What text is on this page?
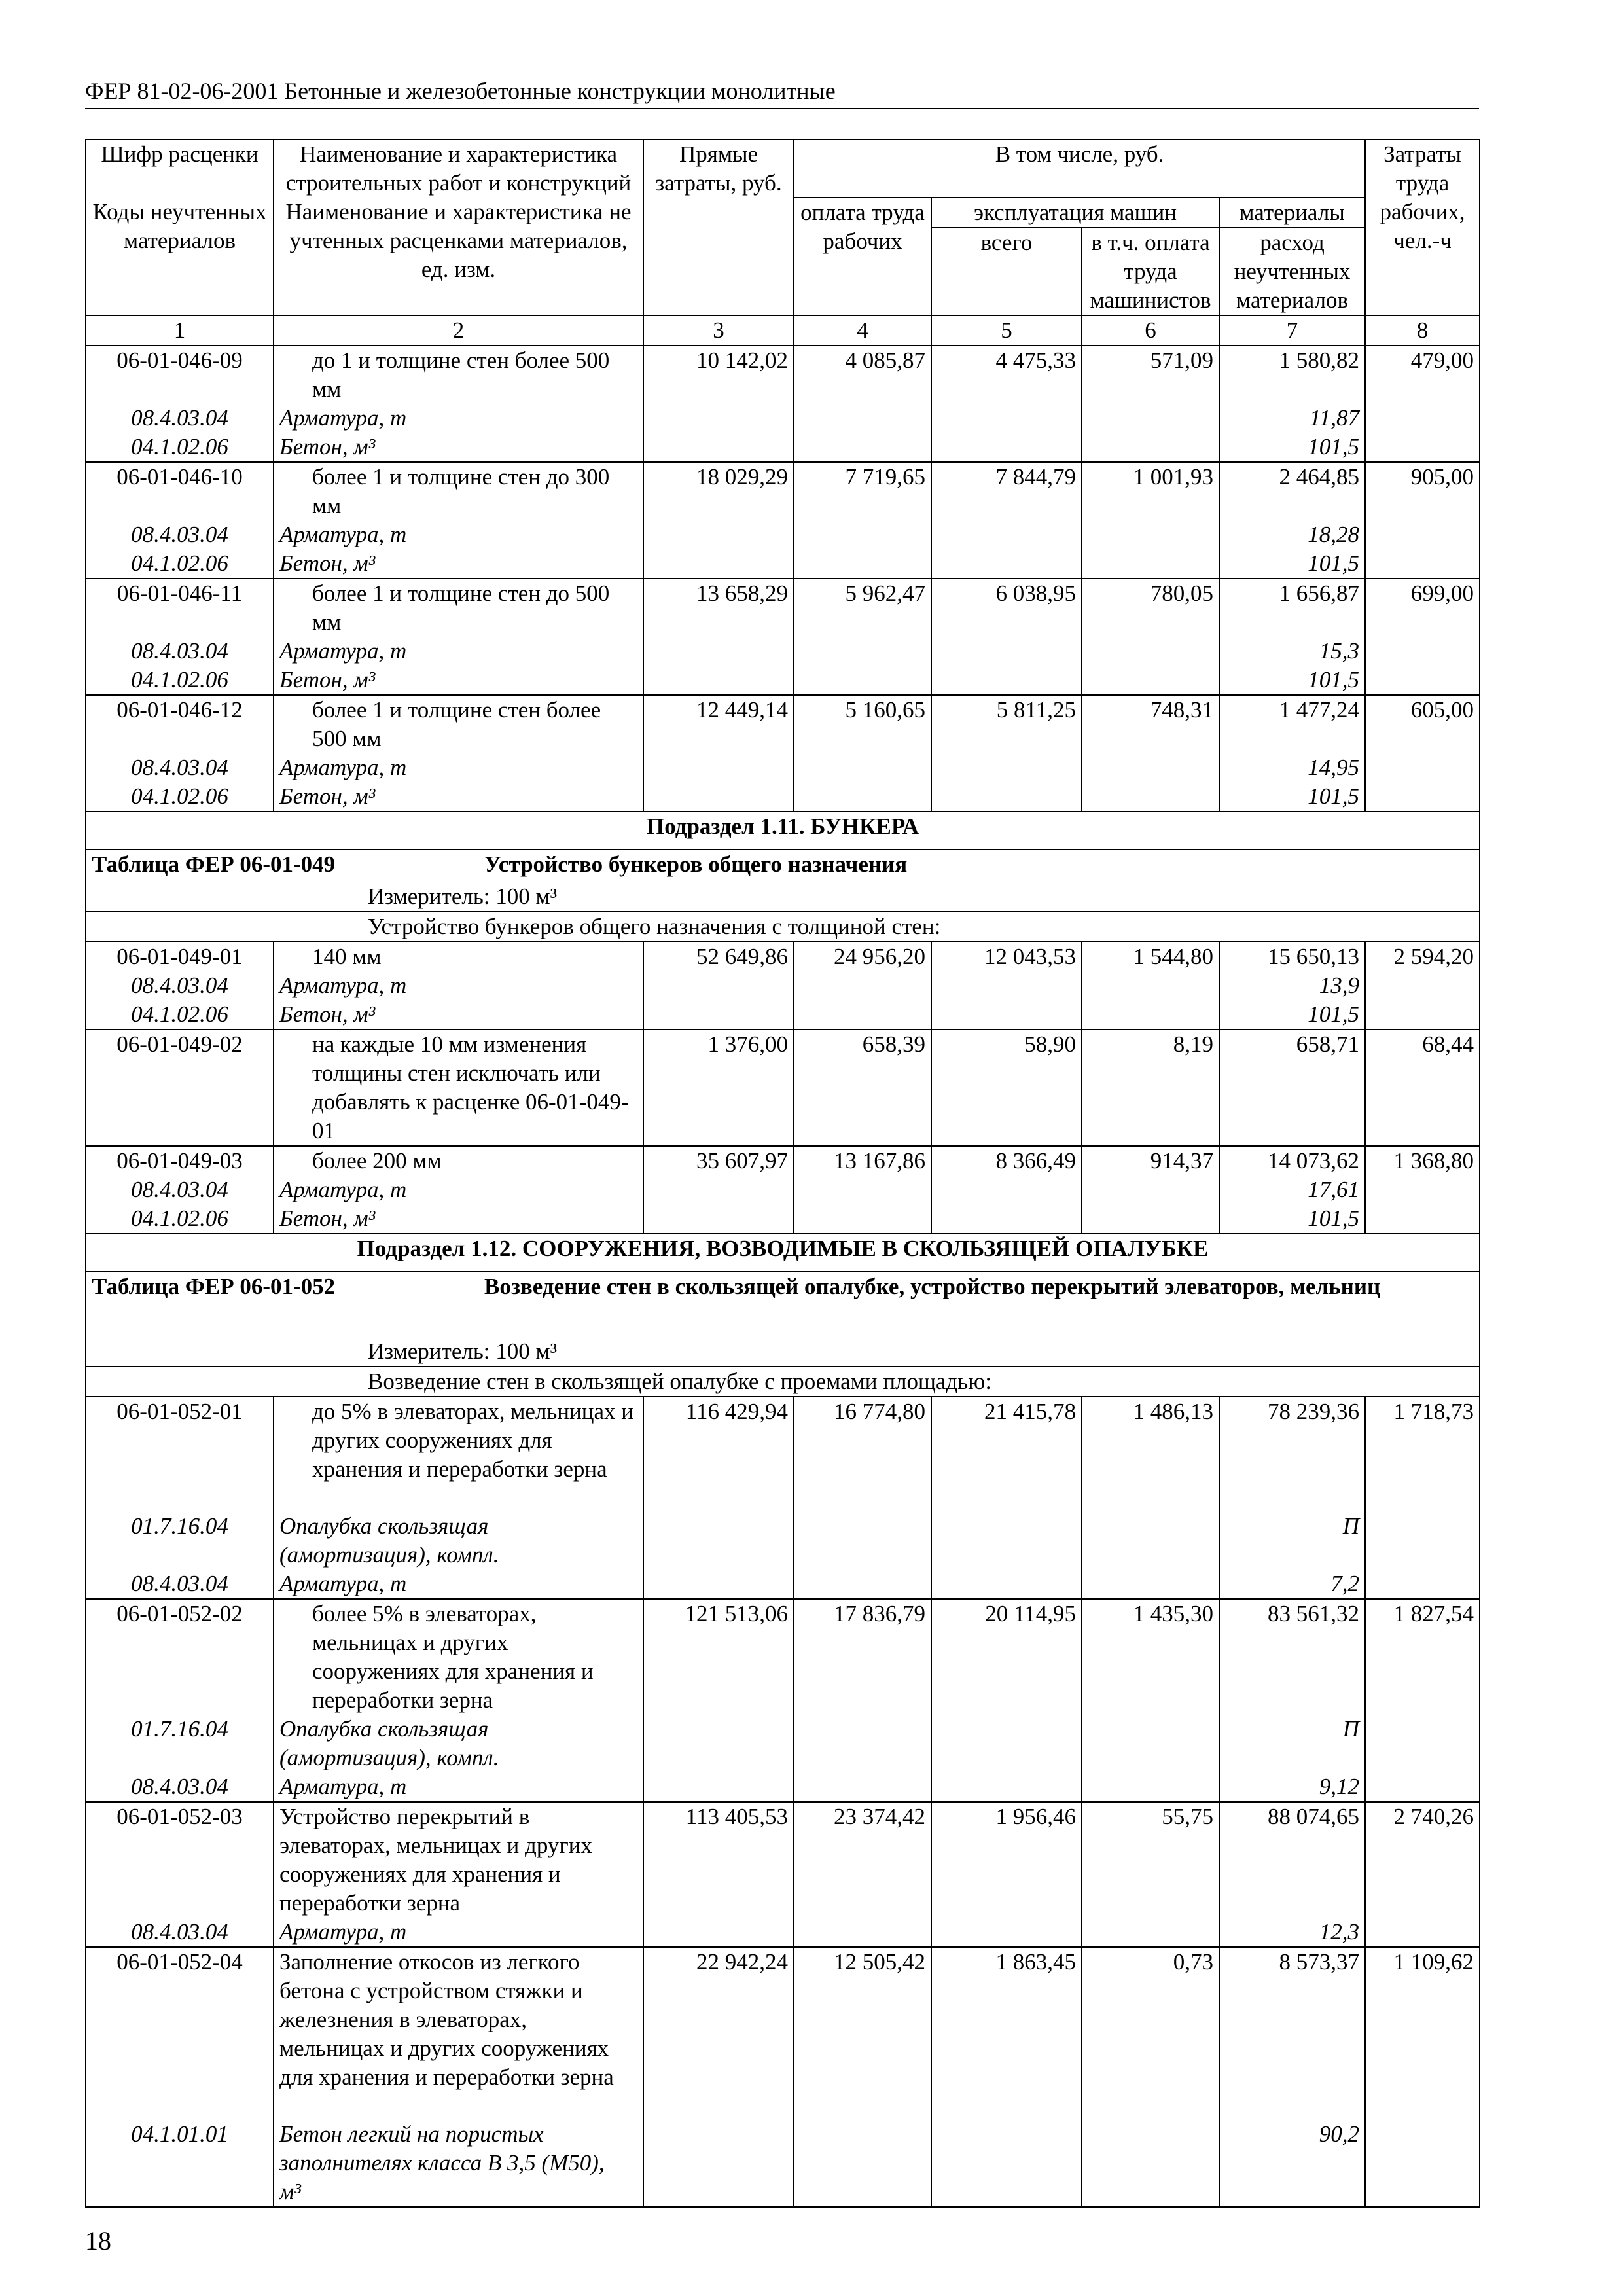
ФЕР 81-02-06-2001 Бетонные и железобетонные конструкции монолитные
Шифр расценки	Наименование и характеристика строительных работ и конструкций	Прямые затраты, руб.	В том числе, руб.				Затраты труда рабочих, чел.-ч
Коды неучтенных материалов	Наименование и характеристика не учтенных расценками материалов, ед. изм.		оплата труда рабочих	эксплуатация машин		материалы	
				всего	в т.ч. оплата труда машинистов	расход неучтенных материалов	
1	2	3	4	5	6	7	8
06-01-046-09	до 1 и толщине стен более 500 мм	10 142,02	4 085,87	4 475,33	571,09	1 580,82	479,00
08.4.03.04	Арматура, т					11,87	
04.1.02.06	Бетон, м³					101,5	
06-01-046-10	более 1 и толщине стен до 300 мм	18 029,29	7 719,65	7 844,79	1 001,93	2 464,85	905,00
08.4.03.04	Арматура, т					18,28	
04.1.02.06	Бетон, м³					101,5	
06-01-046-11	более 1 и толщине стен до 500 мм	13 658,29	5 962,47	6 038,95	780,05	1 656,87	699,00
08.4.03.04	Арматура, т					15,3	
04.1.02.06	Бетон, м³					101,5	
06-01-046-12	более 1 и толщине стен более 500 мм	12 449,14	5 160,65	5 811,25	748,31	1 477,24	605,00
08.4.03.04	Арматура, т					14,95	
04.1.02.06	Бетон, м³					101,5	
Подраздел 1.11. БУНКЕРА							
Таблица ФЕР 06-01-049 Устройство бункеров общего назначения							
Измеритель: 100 м³							
Устройство бункеров общего назначения с толщиной стен:							
06-01-049-01	140 мм	52 649,86	24 956,20	12 043,53	1 544,80	15 650,13	2 594,20
08.4.03.04	Арматура, т					13,9	
04.1.02.06	Бетон, м³					101,5	
06-01-049-02	на каждые 10 мм изменения толщины стен исключать или добавлять к расценке 06-01-049-01	1 376,00	658,39	58,90	8,19	658,71	68,44
06-01-049-03	более 200 мм	35 607,97	13 167,86	8 366,49	914,37	14 073,62	1 368,80
08.4.03.04	Арматура, т					17,61	
04.1.02.06	Бетон, м³					101,5	
Подраздел 1.12. СООРУЖЕНИЯ, ВОЗВОДИМЫЕ В СКОЛЬЗЯЩЕЙ ОПАЛУБКЕ							

Таблица ФЕР 06-01-052 Возведение стен в скользящей опалубке, устройство перекрытий элеваторов, мельниц							

Измеритель: 100 м³							
Возведение стен в скользящей опалубке с проемами площадью:							
06-01-052-01	до 5% в элеваторах, мельницах и других сооружениях для хранения и переработки зерна	116 429,94	16 774,80	21 415,78	1 486,13	78 239,36	1 718,73
01.7.16.04	Опалубка скользящая (амортизация), компл.					П	
08.4.03.04	Арматура, т					7,2	
06-01-052-02	более 5% в элеваторах, мельницах и других сооружениях для хранения и переработки зерна	121 513,06	17 836,79	20 114,95	1 435,30	83 561,32	1 827,54
01.7.16.04	Опалубка скользящая (амортизация), компл.					П	
08.4.03.04	Арматура, т					9,12	
06-01-052-03	Устройство перекрытий в элеваторах, мельницах и других сооружениях для хранения и переработки зерна	113 405,53	23 374,42	1 956,46	55,75	88 074,65	2 740,26
08.4.03.04	Арматура, т					12,3	
06-01-052-04	Заполнение откосов из легкого бетона с устройством стяжки и железнения в элеваторах, мельницах и других сооружениях для хранения и переработки зерна	22 942,24	12 505,42	1 863,45	0,73	8 573,37	1 109,62
04.1.01.01	Бетон легкий на пористых заполнителях класса В 3,5 (М50), м³					90,2	
18
